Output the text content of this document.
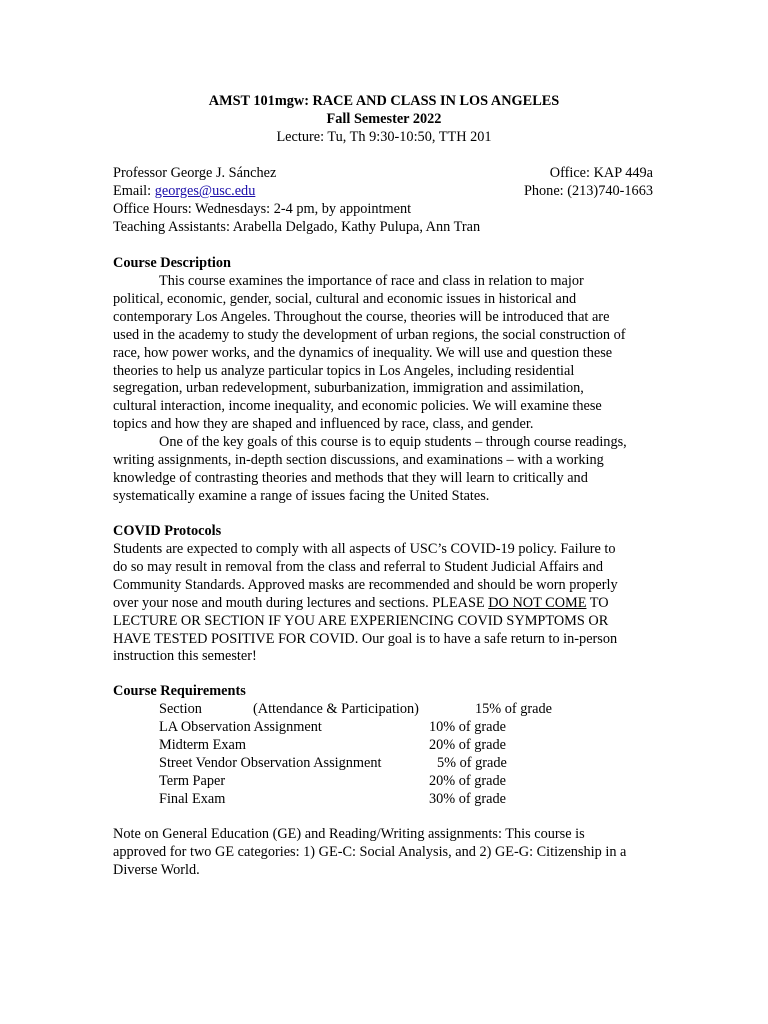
AMST 101mgw: RACE AND CLASS IN LOS ANGELES
Fall Semester 2022
Lecture: Tu, Th 9:30-10:50, TTH 201
Professor George J. Sánchez	Office: KAP 449a
Email: georges@usc.edu	Phone: (213)740-1663
Office Hours: Wednesdays: 2-4 pm, by appointment
Teaching Assistants: Arabella Delgado, Kathy Pulupa, Ann Tran
Course Description
This course examines the importance of race and class in relation to major
political, economic, gender, social, cultural and economic issues in historical and
contemporary Los Angeles. Throughout the course, theories will be introduced that are
used in the academy to study the development of urban regions, the social construction of
race, how power works, and the dynamics of inequality. We will use and question these
theories to help us analyze particular topics in Los Angeles, including residential
segregation, urban redevelopment, suburbanization, immigration and assimilation,
cultural interaction, income inequality, and economic policies. We will examine these
topics and how they are shaped and influenced by race, class, and gender.
One of the key goals of this course is to equip students – through course readings,
writing assignments, in-depth section discussions, and examinations – with a working
knowledge of contrasting theories and methods that they will learn to critically and
systematically examine a range of issues facing the United States.
COVID Protocols
Students are expected to comply with all aspects of USC’s COVID-19 policy. Failure to
do so may result in removal from the class and referral to Student Judicial Affairs and
Community Standards. Approved masks are recommended and should be worn properly
over your nose and mouth during lectures and sections. PLEASE DO NOT COME TO
LECTURE OR SECTION IF YOU ARE EXPERIENCING COVID SYMPTOMS OR
HAVE TESTED POSITIVE FOR COVID. Our goal is to have a safe return to in-person
instruction this semester!
Course Requirements
Section	(Attendance & Participation)	15% of grade
LA Observation Assignment	10% of grade
Midterm Exam	20% of grade
Street Vendor Observation Assignment	5% of grade
Term Paper	20% of grade
Final Exam	30% of grade
Note on General Education (GE) and Reading/Writing assignments: This course is
approved for two GE categories: 1) GE-C: Social Analysis, and 2) GE-G: Citizenship in a
Diverse World.
